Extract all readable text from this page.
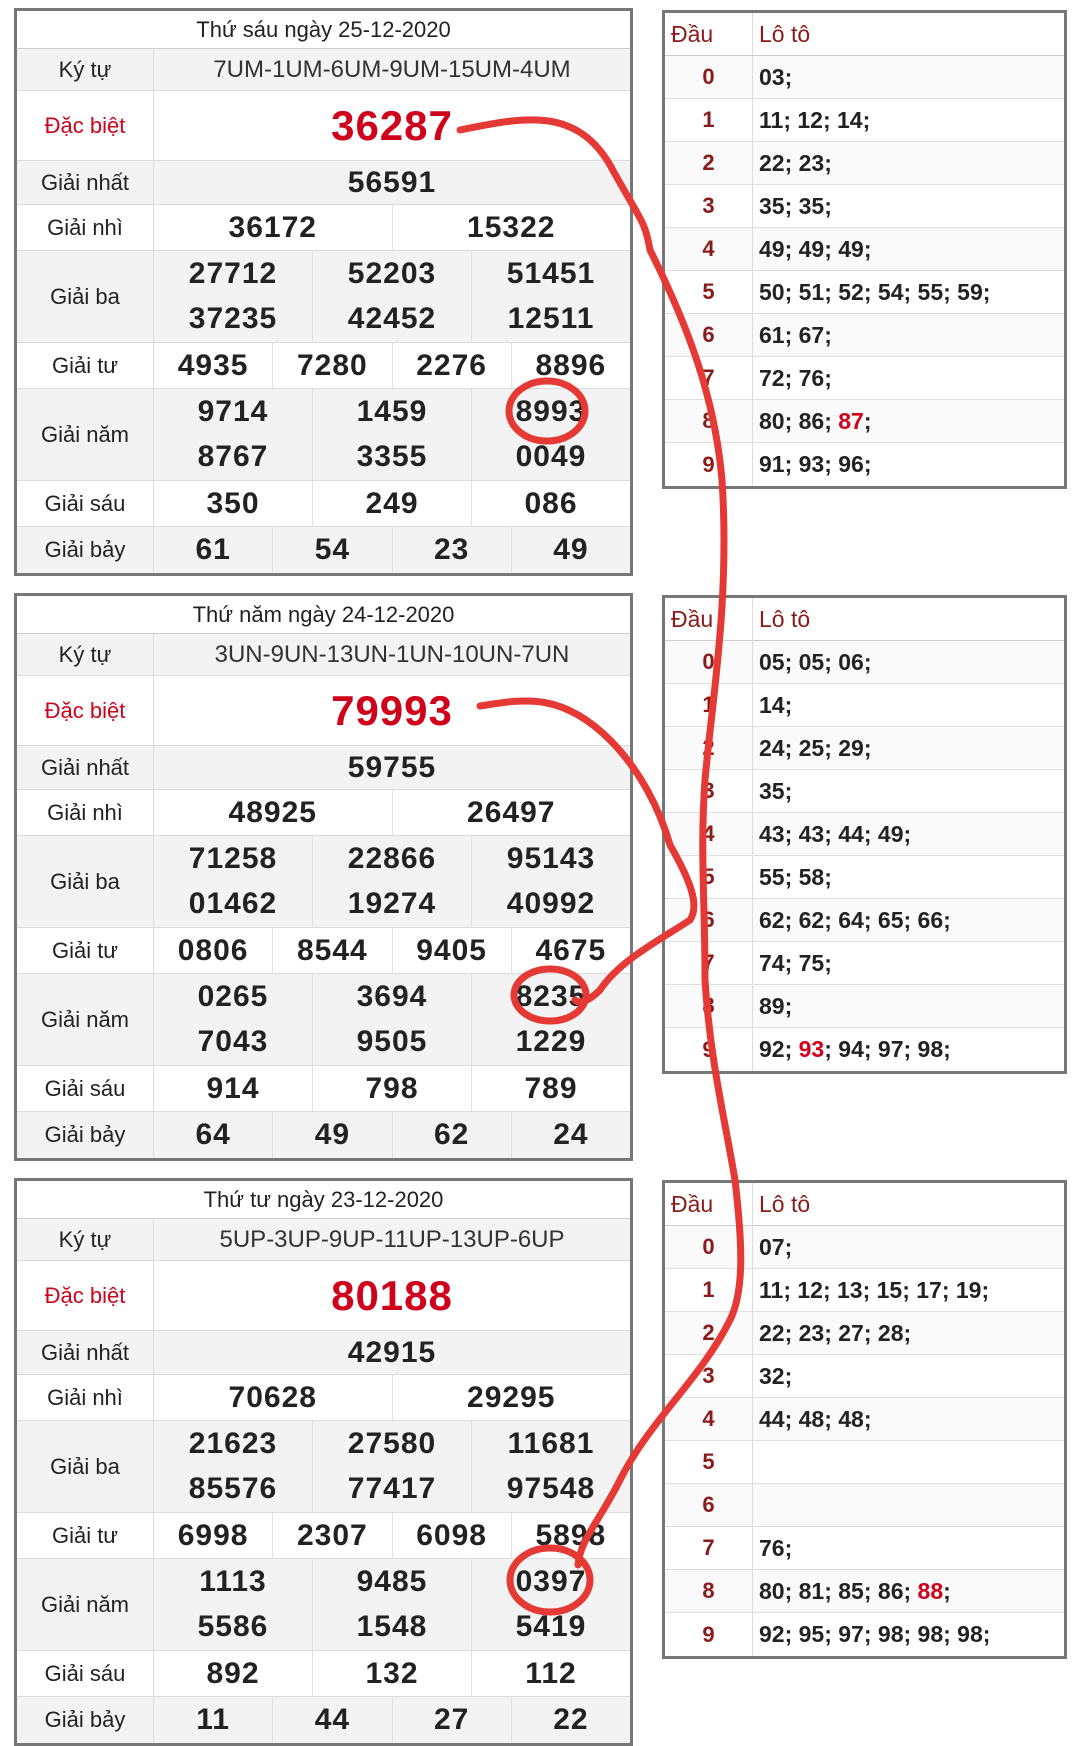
Thứ sáu ngày 25-12-2020
Ký tự	7UM-1UM-6UM-9UM-15UM-4UM
Đặc biệt	36287
Giải nhất	56591
Giải nhì	36172	15322
Giải ba
27712	52203	51451
37235	42452	12511
Giải tư	4935	7280	2276	8896
Giải năm
9714	1459	8993
8767	3355	0049
Giải sáu	350	249	086
Giải bảy	61	54	23	49
Thứ năm ngày 24-12-2020
Ký tự	3UN-9UN-13UN-1UN-10UN-7UN
Đặc biệt	79993
Giải nhất	59755
Giải nhì	48925	26497
Giải ba
71258	22866	95143
01462	19274	40992
Giải tư	0806	8544	9405	4675
Giải năm
0265	3694	8235
7043	9505	1229
Giải sáu	914	798	789
Giải bảy	64	49	62	24
Thứ tư ngày 23-12-2020
Ký tự	5UP-3UP-9UP-11UP-13UP-6UP
Đặc biệt	80188
Giải nhất	42915
Giải nhì	70628	29295
Giải ba
21623	27580	11681
85576	77417	97548
Giải tư	6998	2307	6098	5898
Giải năm
1113	9485	0397
5586	1548	5419
Giải sáu	892	132	112
Giải bảy	11	44	27	22
Đầu	Lô tô
0	03;
1	11; 12; 14;
2	22; 23;
3	35; 35;
4	49; 49; 49;
5	50; 51; 52; 54; 55; 59;
6	61; 67;
7	72; 76;
8	80; 86; 87 ;
9	91; 93; 96;
Đầu	Lô tô
0	05; 05; 06;
1	14;
2	24; 25; 29;
3	35;
4	43; 43; 44; 49;
5	55; 58;
6	62; 62; 64; 65; 66;
7	74; 75;
8	89;
9	92; 93 ; 94; 97; 98;
Đầu	Lô tô
0	07;
1	11; 12; 13; 15; 17; 19;
2	22; 23; 27; 28;
3	32;
4	44; 48; 48;
5
6
7	76;
8	80; 81; 85; 86; 88 ;
9	92; 95; 97; 98; 98; 98;
